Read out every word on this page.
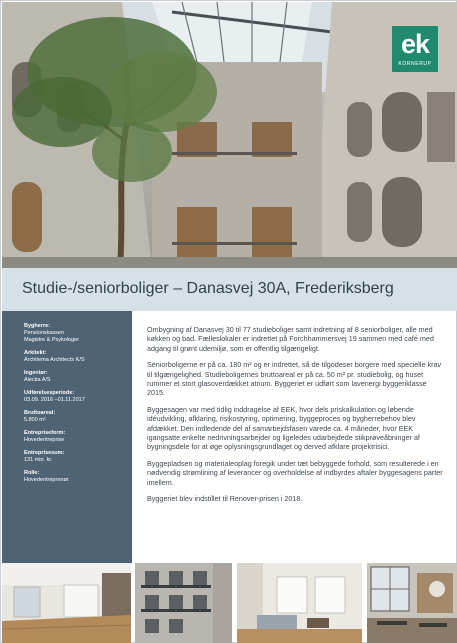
ek
KORNERUP
Studie-/seniorboliger – Danasvej 30A, Frederiksberg
Bygherre:
Pensionskassen
Magistre & Psykologer
Arkitekt:
Architema Architects K/S
Ingeniør:
Alectia A/S
Udførelsesperiode:
03.09. 2016 –01.11.2017
Bruttoareal:
5.800 m²
Entrepriseform:
Hovedentreprise
Entreprisesum:
131 mio. kr.
Rolle:
Hovedentreprenør

Ombygning af Danasvej 30 til 77 studieboliger samt indretning af 8 seniorboliger, alle med køkken og bad. Fælleslokaler er indrettet på Forchhammersvej 19 sammen med café med adgang til grønt udemiljø, som er offentlig tilgængeligt.

Seniorboligerne er på ca. 180 m² og er indrettet, så de tilgodeser borgere med specielle krav til tilgængelighed. Studieboligernes bruttoareal er på ca. 50 m² pr. studiebolig, og huset rummer et stort glasoverdækket atrium. Byggeriet er udført som lavenergi byggeriklasse 2015.

Byggesagen var med tidlig inddragelse af EEK, hvor dels priskalkulation og løbende idéudvikling, afklaring, risikostyring, optimering, byggeproces og bygherrebehov blev afdækket. Den indledende del af samarbejdsfasen varede ca. 4 måneder, hvor EEK igangsatte enkelte nedrivningsarbejder og ligeledes udarbejdede stikprøveåbninger af bygningsdele for at øge oplysningsgrundlaget og derved afklare projektrisici.

Byggepladsen og materialeoplag foregik under tæt bebyggede forhold, som resulterede i en nødvendig strømlining af leverancer og overholdelse af indbyrdes aftaler byggesagens parter imellem.

Byggeriet blev indstillet til Renover-prisen i 2018.
